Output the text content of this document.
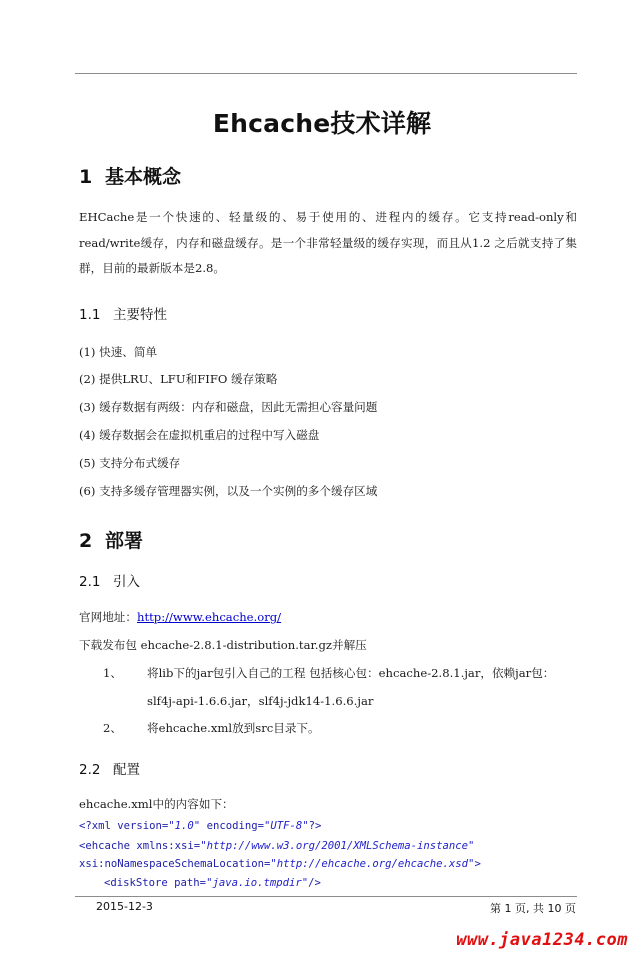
Ehcache技术详解
1 基本概念
EHCache是一个快速的、轻量级的、易于使用的、进程内的缓存。它支持read-only和read/write缓存，内存和磁盘缓存。是一个非常轻量级的缓存实现，而且从1.2 之后就支持了集群，目前的最新版本是2.8。
1.1 主要特性
(1) 快速、简单
(2) 提供LRU、LFU和FIFO 缓存策略
(3) 缓存数据有两级：内存和磁盘，因此无需担心容量问题
(4) 缓存数据会在虚拟机重启的过程中写入磁盘
(5) 支持分布式缓存
(6) 支持多缓存管理器实例，以及一个实例的多个缓存区域
2 部署
2.1 引入
官网地址：http://www.ehcache.org/
下载发布包 ehcache-2.8.1-distribution.tar.gz并解压
1、 将lib下的jar包引入自己的工程 包括核心包：ehcache-2.8.1.jar，依赖jar包：
slf4j-api-1.6.6.jar，slf4j-jdk14-1.6.6.jar
2、 将ehcache.xml放到src目录下。
2.2 配置
ehcache.xml中的内容如下：
<?xml version="1.0" encoding="UTF-8"?>
<ehcache xmlns:xsi="http://www.w3.org/2001/XMLSchema-instance"
xsi:noNamespaceSchemaLocation="http://ehcache.org/ehcache.xsd">
<diskStore path="java.io.tmpdir"/>
2015-12-3	第 1 页, 共 10 页
www.java1234.com
